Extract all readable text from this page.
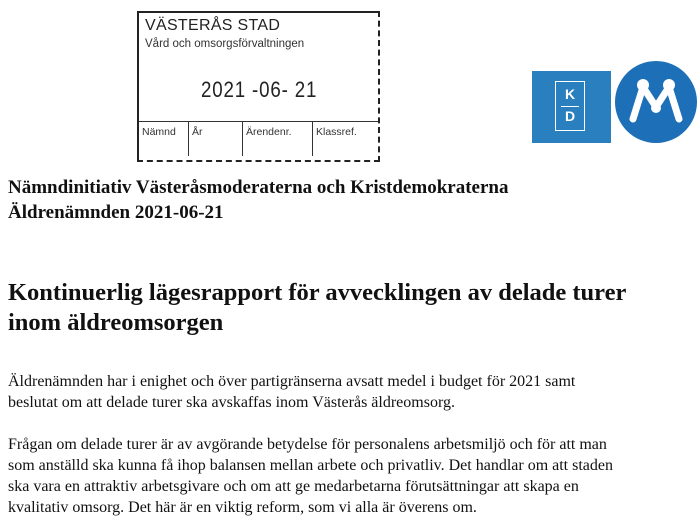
VÄSTERÅS STAD
Vård och omsorgsförvaltningen
2021 -06- 21
Nämnd	År	Ärendenr.	Klassref.
K
D
Nämndinitiativ Västeråsmoderaterna och Kristdemokraterna
Äldrenämnden 2021-06-21
Kontinuerlig lägesrapport för avvecklingen av delade turer
inom äldreomsorgen

Äldrenämnden har i enighet och över partigränserna avsatt medel i budget för 2021 samt
beslutat om att delade turer ska avskaffas inom Västerås äldreomsorg.

Frågan om delade turer är av avgörande betydelse för personalens arbetsmiljö och för att man
som anställd ska kunna få ihop balansen mellan arbete och privatliv. Det handlar om att staden
ska vara en attraktiv arbetsgivare och om att ge medarbetarna förutsättningar att skapa en
kvalitativ omsorg. Det här är en viktig reform, som vi alla är överens om.
